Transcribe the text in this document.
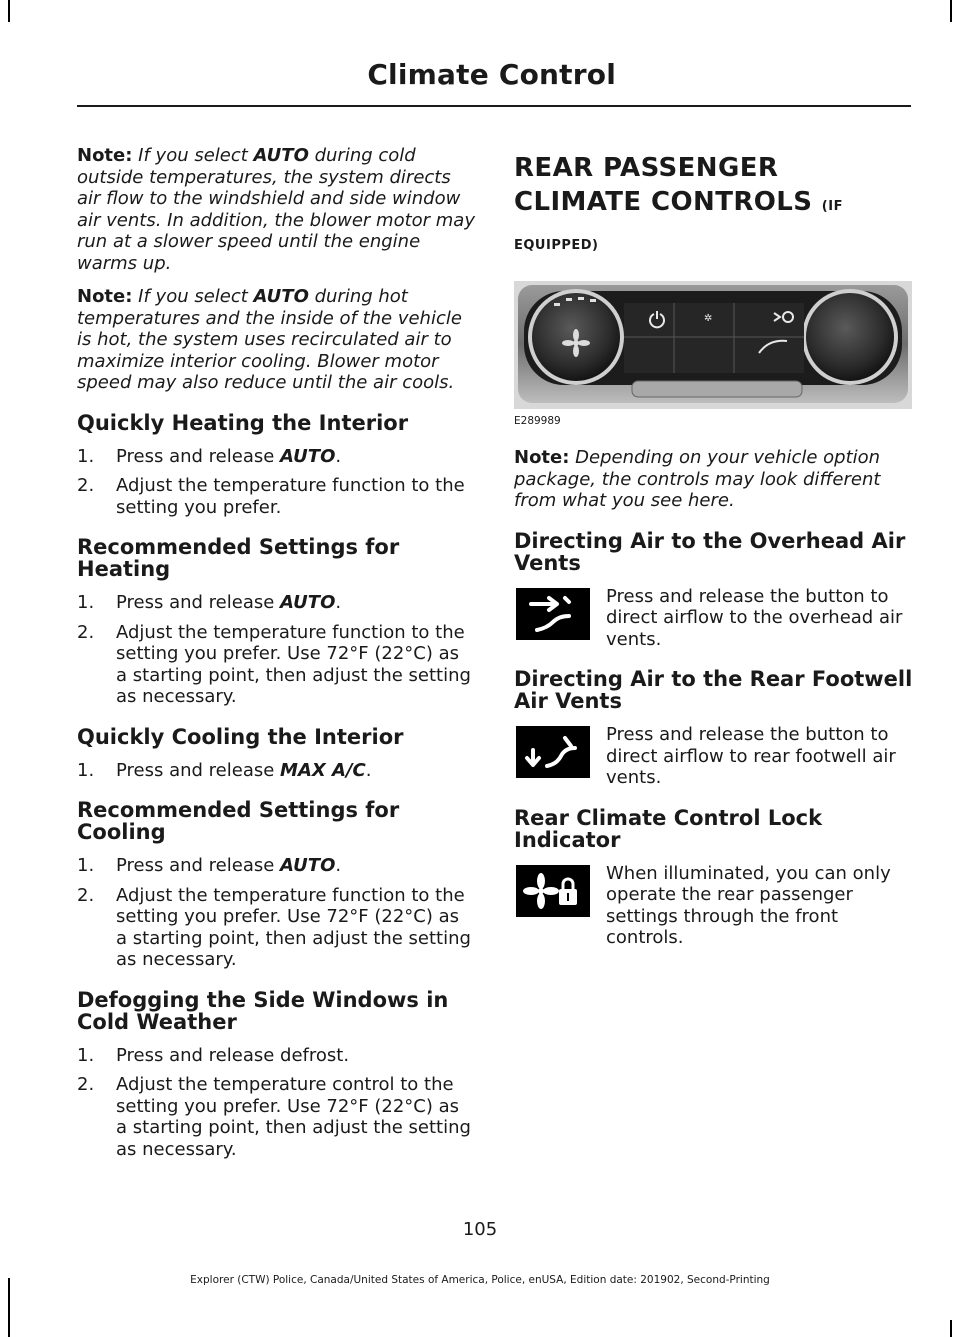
Climate Control

Note: If you select AUTO during cold outside temperatures, the system directs air flow to the windshield and side window air vents. In addition, the blower motor may run at a slower speed until the engine warms up.

Note: If you select AUTO during hot temperatures and the inside of the vehicle is hot, the system uses recirculated air to maximize interior cooling. Blower motor speed may also reduce until the air cools.

Quickly Heating the Interior
1. Press and release AUTO.
2. Adjust the temperature function to the setting you prefer.
Recommended Settings for Heating
1. Press and release AUTO.
2. Adjust the temperature function to the setting you prefer. Use 72°F (22°C) as a starting point, then adjust the setting as necessary.
Quickly Cooling the Interior
1. Press and release MAX A/C.
Recommended Settings for Cooling
1. Press and release AUTO.
2. Adjust the temperature function to the setting you prefer. Use 72°F (22°C) as a starting point, then adjust the setting as necessary.
Defogging the Side Windows in Cold Weather
1. Press and release defrost.
2. Adjust the temperature control to the setting you prefer. Use 72°F (22°C) as a starting point, then adjust the setting as necessary.
REAR PASSENGER CLIMATE CONTROLS (IF EQUIPPED)
✲
E289989

Note: Depending on your vehicle option package, the controls may look different from what you see here.

Directing Air to the Overhead Air Vents

Press and release the button to direct airflow to the overhead air vents.

Directing Air to the Rear Footwell Air Vents

Press and release the button to direct airflow to rear footwell air vents.

Rear Climate Control Lock Indicator

When illuminated, you can only operate the rear passenger settings through the front controls.

105
Explorer (CTW) Police, Canada/United States of America, Police, enUSA, Edition date: 201902, Second-Printing
